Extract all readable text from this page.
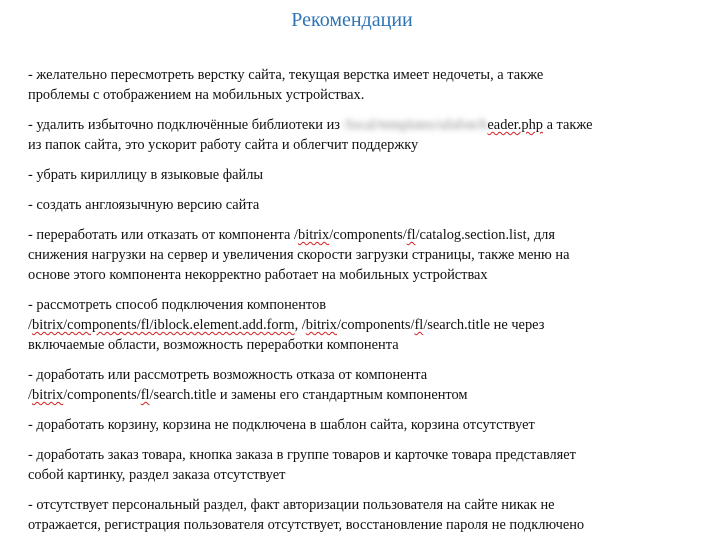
Рекомендации

- желательно пересмотреть верстку сайта, текущая верстка имеет недочеты, а также
проблемы с отображением на мобильных устройствах.

- удалить избыточно подключённые библиотеки из /local/templates/ufafon/header.php а также
из папок сайта, это ускорит работу сайта и облегчит поддержку

- убрать кириллицу в языковые файлы

- создать англоязычную версию сайта

- переработать или отказать от компонента /bitrix/components/fl/catalog.section.list, для
снижения нагрузки на сервер и увеличения скорости загрузки страницы, также меню на
основе этого компонента некорректно работает на мобильных устройствах

- рассмотреть способ подключения компонентов
/bitrix/components/fl/iblock.element.add.form, /bitrix/components/fl/search.title не через
включаемые области, возможность переработки компонента

- доработать или рассмотреть возможность отказа от компонента
/bitrix/components/fl/search.title и замены его стандартным компонентом

- доработать корзину, корзина не подключена в шаблон сайта, корзина отсутствует

- доработать заказ товара, кнопка заказа в группе товаров и карточке товара представляет
собой картинку, раздел заказа отсутствует

- отсутствует персональный раздел, факт авторизации пользователя на сайте никак не
отражается, регистрация пользователя отсутствует, восстановление пароля не подключено
